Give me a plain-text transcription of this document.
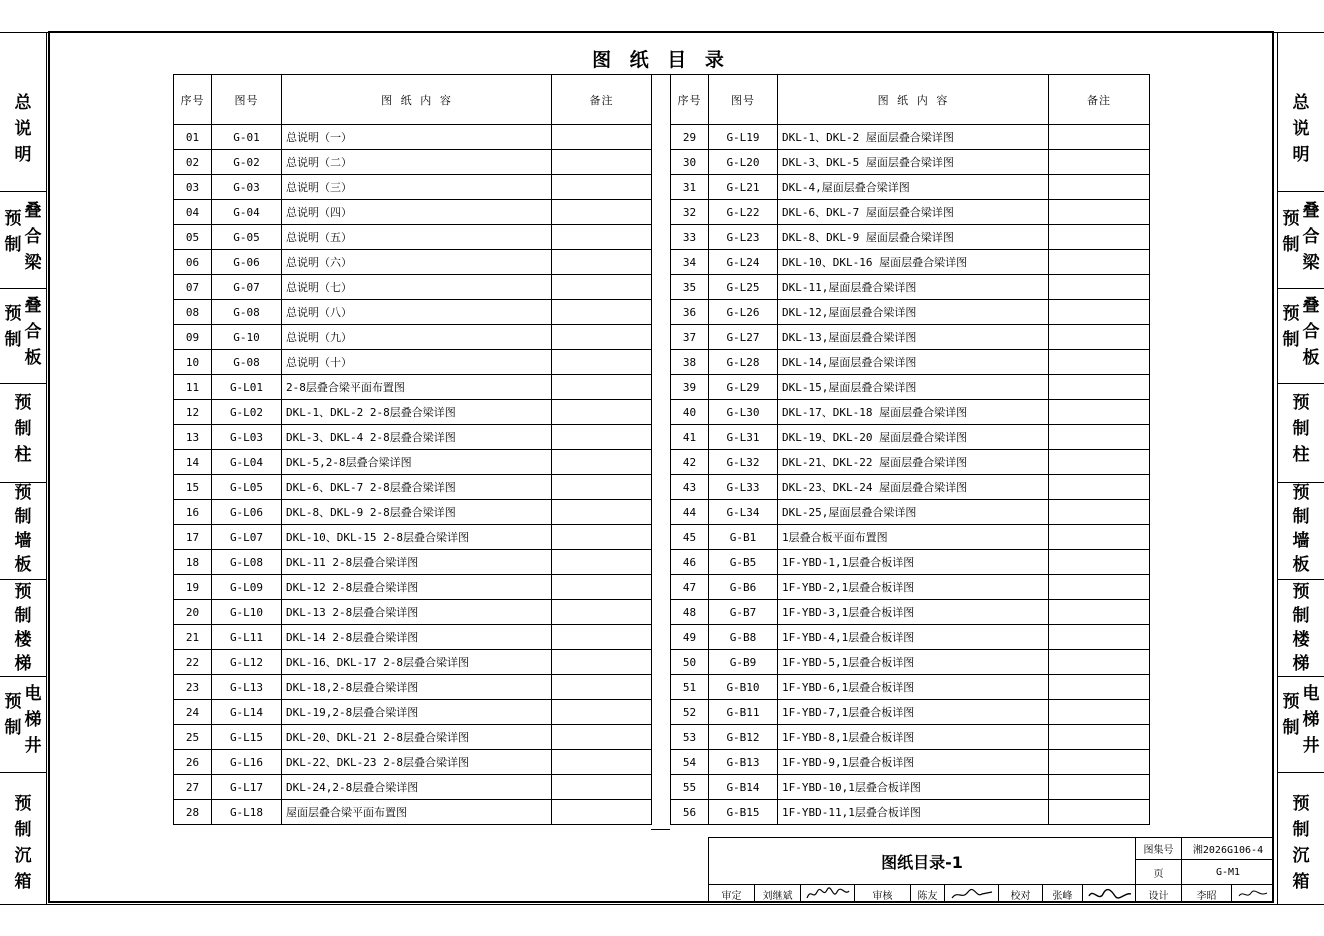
总
说
明
叠
合
梁
预
制
叠
合
板
预
制
预
制
柱
预
制
墙
板
预
制
楼
梯
电
梯
井
预
制
预
制
沉
箱
总
说
明
叠
合
梁
预
制
叠
合
板
预
制
预
制
柱
预
制
墙
板
预
制
楼
梯
电
梯
井
预
制
预
制
沉
箱
图 纸 目 录
序号	图号	图 纸 内 容	备注
01	G-01	总说明（一）	
02	G-02	总说明（二）	
03	G-03	总说明（三）	
04	G-04	总说明（四）	
05	G-05	总说明（五）	
06	G-06	总说明（六）	
07	G-07	总说明（七）	
08	G-08	总说明（八）	
09	G-10	总说明（九）	
10	G-08	总说明（十）	
11	G-L01	2-8层叠合梁平面布置图	
12	G-L02	DKL-1、DKL-2 2-8层叠合梁详图	
13	G-L03	DKL-3、DKL-4 2-8层叠合梁详图	
14	G-L04	DKL-5,2-8层叠合梁详图	
15	G-L05	DKL-6、DKL-7 2-8层叠合梁详图	
16	G-L06	DKL-8、DKL-9 2-8层叠合梁详图	
17	G-L07	DKL-10、DKL-15 2-8层叠合梁详图	
18	G-L08	DKL-11 2-8层叠合梁详图	
19	G-L09	DKL-12 2-8层叠合梁详图	
20	G-L10	DKL-13 2-8层叠合梁详图	
21	G-L11	DKL-14 2-8层叠合梁详图	
22	G-L12	DKL-16、DKL-17 2-8层叠合梁详图	
23	G-L13	DKL-18,2-8层叠合梁详图	
24	G-L14	DKL-19,2-8层叠合梁详图	
25	G-L15	DKL-20、DKL-21 2-8层叠合梁详图	
26	G-L16	DKL-22、DKL-23 2-8层叠合梁详图	
27	G-L17	DKL-24,2-8层叠合梁详图	
28	G-L18	屋面层叠合梁平面布置图	
序号	图号	图 纸 内 容	备注
29	G-L19	DKL-1、DKL-2 屋面层叠合梁详图	
30	G-L20	DKL-3、DKL-5 屋面层叠合梁详图	
31	G-L21	DKL-4,屋面层叠合梁详图	
32	G-L22	DKL-6、DKL-7 屋面层叠合梁详图	
33	G-L23	DKL-8、DKL-9 屋面层叠合梁详图	
34	G-L24	DKL-10、DKL-16 屋面层叠合梁详图	
35	G-L25	DKL-11,屋面层叠合梁详图	
36	G-L26	DKL-12,屋面层叠合梁详图	
37	G-L27	DKL-13,屋面层叠合梁详图	
38	G-L28	DKL-14,屋面层叠合梁详图	
39	G-L29	DKL-15,屋面层叠合梁详图	
40	G-L30	DKL-17、DKL-18 屋面层叠合梁详图	
41	G-L31	DKL-19、DKL-20 屋面层叠合梁详图	
42	G-L32	DKL-21、DKL-22 屋面层叠合梁详图	
43	G-L33	DKL-23、DKL-24 屋面层叠合梁详图	
44	G-L34	DKL-25,屋面层叠合梁详图	
45	G-B1	1层叠合板平面布置图	
46	G-B5	1F-YBD-1,1层叠合板详图	
47	G-B6	1F-YBD-2,1层叠合板详图	
48	G-B7	1F-YBD-3,1层叠合板详图	
49	G-B8	1F-YBD-4,1层叠合板详图	
50	G-B9	1F-YBD-5,1层叠合板详图	
51	G-B10	1F-YBD-6,1层叠合板详图	
52	G-B11	1F-YBD-7,1层叠合板详图	
53	G-B12	1F-YBD-8,1层叠合板详图	
54	G-B13	1F-YBD-9,1层叠合板详图	
55	G-B14	1F-YBD-10,1层叠合板详图	
56	G-B15	1F-YBD-11,1层叠合板详图	
图纸目录-1
图集号	湘2026G106-4
页	G-M1
审定	刘继斌	审核	陈友	校对	张峰	设计	李昭
